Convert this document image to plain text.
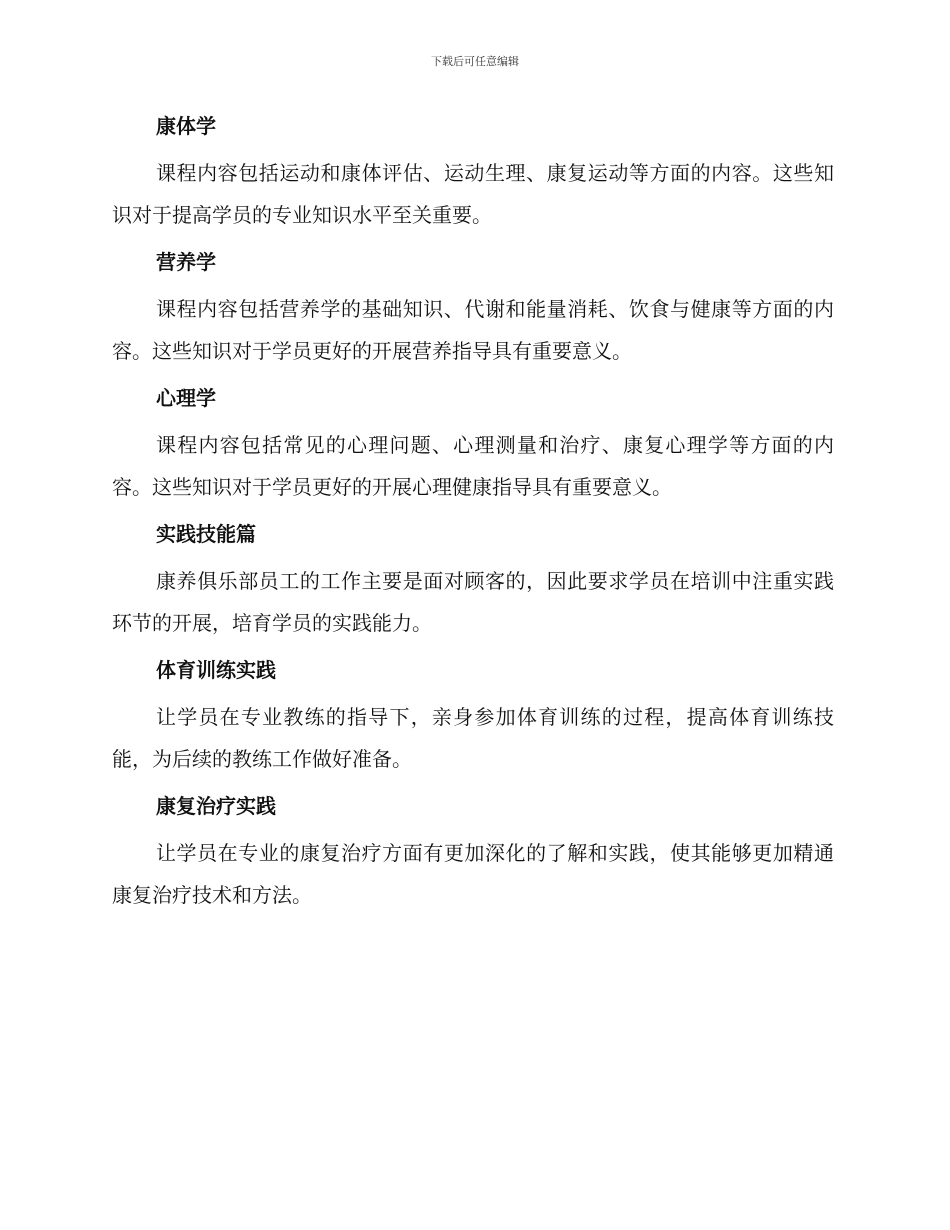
下载后可任意编辑
康体学

课程内容包括运动和康体评估、运动生理、康复运动等方面的内容。这些知识对于提高学员的专业知识水平至关重要。

营养学

课程内容包括营养学的基础知识、代谢和能量消耗、饮食与健康等方面的内容。这些知识对于学员更好的开展营养指导具有重要意义。

心理学

课程内容包括常见的心理问题、心理测量和治疗、康复心理学等方面的内容。这些知识对于学员更好的开展心理健康指导具有重要意义。

实践技能篇

康养俱乐部员工的工作主要是面对顾客的，因此要求学员在培训中注重实践环节的开展，培育学员的实践能力。

体育训练实践

让学员在专业教练的指导下，亲身参加体育训练的过程，提高体育训练技能，为后续的教练工作做好准备。

康复治疗实践

让学员在专业的康复治疗方面有更加深化的了解和实践，使其能够更加精通康复治疗技术和方法。
